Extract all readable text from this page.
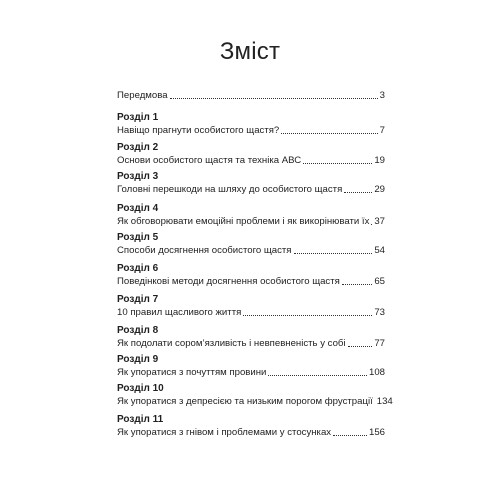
Зміст
Передмова	3
Розділ 1
Навіщо прагнути особистого щастя?	7
Розділ 2
Основи особистого щастя та техніка АВС	19
Розділ 3
Головні перешкоди на шляху до особистого щастя	29
Розділ 4
Як обговорювати емоційні проблеми і як викорінювати їх 37
Розділ 5
Способи досягнення особистого щастя	54
Розділ 6
Поведінкові методи досягнення особистого щастя	65
Розділ 7
10 правил щасливого життя	73
Розділ 8
Як подолати сором’язливість і невпевненість у собі	77
Розділ 9
Як упоратися з почуттям провини	108
Розділ 10
Як упоратися з депресією та низьким порогом фрустрації 134
Розділ 11
Як упоратися з гнівом і проблемами у стосунках	156
